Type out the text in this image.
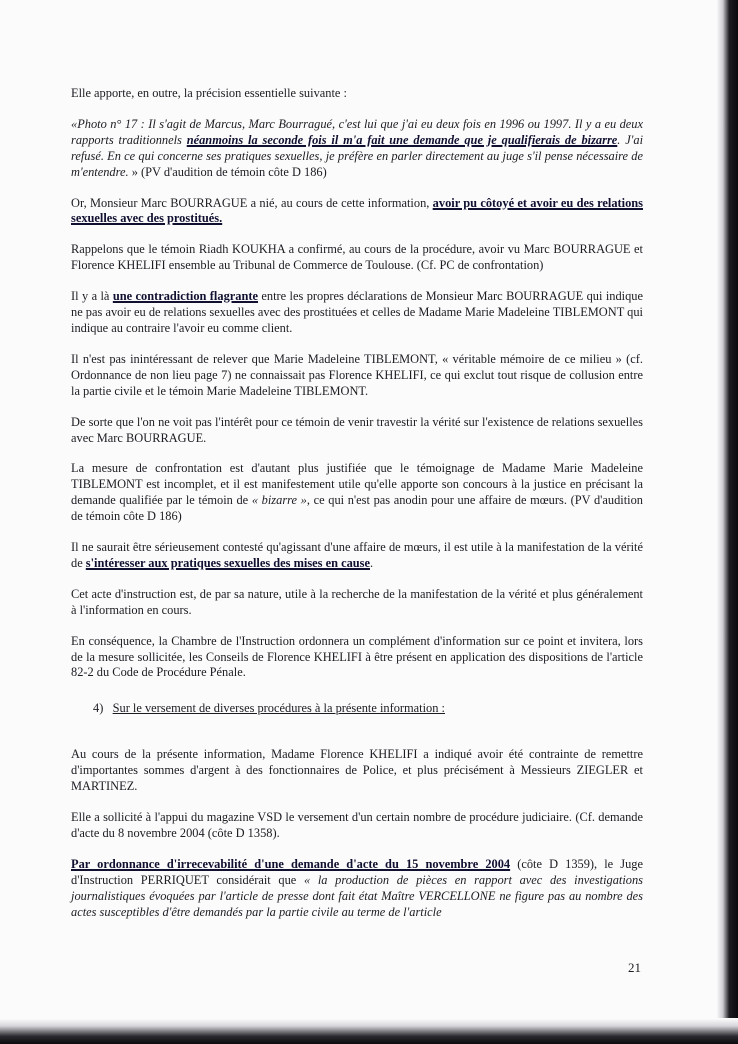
Elle apporte, en outre, la précision essentielle suivante :

«Photo n° 17 : Il s'agit de Marcus, Marc Bourragué, c'est lui que j'ai eu deux fois en 1996 ou 1997. Il y a eu deux rapports traditionnels néanmoins la seconde fois il m'a fait une demande que je qualifierais de bizarre. J'ai refusé. En ce qui concerne ses pratiques sexuelles, je préfère en parler directement au juge s'il pense nécessaire de m'entendre. » (PV d'audition de témoin côte D 186)

Or, Monsieur Marc BOURRAGUE a nié, au cours de cette information, avoir pu côtoyé et avoir eu des relations sexuelles avec des prostitués.

Rappelons que le témoin Riadh KOUKHA a confirmé, au cours de la procédure, avoir vu Marc BOURRAGUE et Florence KHELIFI ensemble au Tribunal de Commerce de Toulouse. (Cf. PC de confrontation)

Il y a là une contradiction flagrante entre les propres déclarations de Monsieur Marc BOURRAGUE qui indique ne pas avoir eu de relations sexuelles avec des prostituées et celles de Madame Marie Madeleine TIBLEMONT qui indique au contraire l'avoir eu comme client.

Il n'est pas inintéressant de relever que Marie Madeleine TIBLEMONT, « véritable mémoire de ce milieu » (cf. Ordonnance de non lieu page 7) ne connaissait pas Florence KHELIFI, ce qui exclut tout risque de collusion entre la partie civile et le témoin Marie Madeleine TIBLEMONT.

De sorte que l'on ne voit pas l'intérêt pour ce témoin de venir travestir la vérité sur l'existence de relations sexuelles avec Marc BOURRAGUE.

La mesure de confrontation est d'autant plus justifiée que le témoignage de Madame Marie Madeleine TIBLEMONT est incomplet, et il est manifestement utile qu'elle apporte son concours à la justice en précisant la demande qualifiée par le témoin de « bizarre », ce qui n'est pas anodin pour une affaire de mœurs. (PV d'audition de témoin côte D 186)

Il ne saurait être sérieusement contesté qu'agissant d'une affaire de mœurs, il est utile à la manifestation de la vérité de s'intéresser aux pratiques sexuelles des mises en cause.

Cet acte d'instruction est, de par sa nature, utile à la recherche de la manifestation de la vérité et plus généralement à l'information en cours.

En conséquence, la Chambre de l'Instruction ordonnera un complément d'information sur ce point et invitera, lors de la mesure sollicitée, les Conseils de Florence KHELIFI à être présent en application des dispositions de l'article 82-2 du Code de Procédure Pénale.

4) Sur le versement de diverses procédures à la présente information :

Au cours de la présente information, Madame Florence KHELIFI a indiqué avoir été contrainte de remettre d'importantes sommes d'argent à des fonctionnaires de Police, et plus précisément à Messieurs ZIEGLER et MARTINEZ.

Elle a sollicité à l'appui du magazine VSD le versement d'un certain nombre de procédure judiciaire. (Cf. demande d'acte du 8 novembre 2004 (côte D 1358).

Par ordonnance d'irrecevabilité d'une demande d'acte du 15 novembre 2004 (côte D 1359), le Juge d'Instruction PERRIQUET considérait que « la production de pièces en rapport avec des investigations journalistiques évoquées par l'article de presse dont fait état Maître VERCELLONE ne figure pas au nombre des actes susceptibles d'être demandés par la partie civile au terme de l'article

21
